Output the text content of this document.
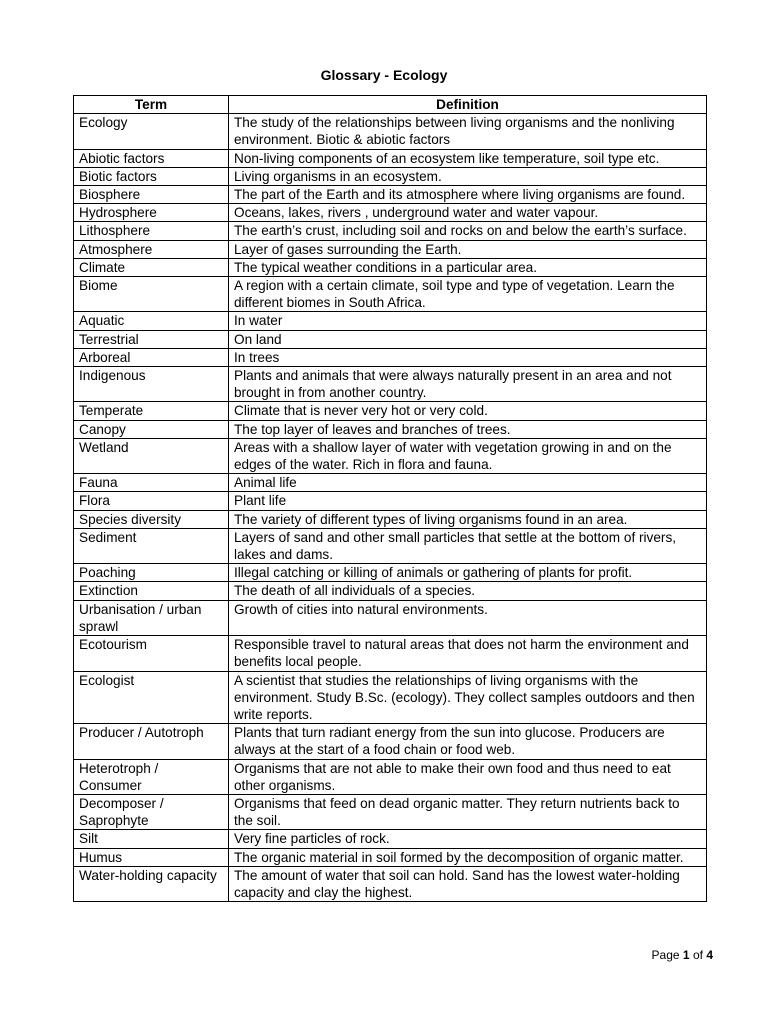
Glossary - Ecology
Term	Definition
Ecology	The study of the relationships between living organisms and the nonliving environment. Biotic & abiotic factors
Abiotic factors	Non-living components of an ecosystem like temperature, soil type etc.
Biotic factors	Living organisms in an ecosystem.
Biosphere	The part of the Earth and its atmosphere where living organisms are found.
Hydrosphere	Oceans, lakes, rivers , underground water and water vapour.
Lithosphere	The earth’s crust, including soil and rocks on and below the earth’s surface.
Atmosphere	Layer of gases surrounding the Earth.
Climate	The typical weather conditions in a particular area.
Biome	A region with a certain climate, soil type and type of vegetation. Learn the different biomes in South Africa.
Aquatic	In water
Terrestrial	On land
Arboreal	In trees
Indigenous	Plants and animals that were always naturally present in an area and not brought in from another country.
Temperate	Climate that is never very hot or very cold.
Canopy	The top layer of leaves and branches of trees.
Wetland	Areas with a shallow layer of water with vegetation growing in and on the edges of the water. Rich in flora and fauna.
Fauna	Animal life
Flora	Plant life
Species diversity	The variety of different types of living organisms found in an area.
Sediment	Layers of sand and other small particles that settle at the bottom of rivers, lakes and dams.
Poaching	Illegal catching or killing of animals or gathering of plants for profit.
Extinction	The death of all individuals of a species.
Urbanisation / urban sprawl	Growth of cities into natural environments.
Ecotourism	Responsible travel to natural areas that does not harm the environment and benefits local people.
Ecologist	A scientist that studies the relationships of living organisms with the environment. Study B.Sc. (ecology). They collect samples outdoors and then write reports.
Producer / Autotroph	Plants that turn radiant energy from the sun into glucose. Producers are always at the start of a food chain or food web.
Heterotroph / Consumer	Organisms that are not able to make their own food and thus need to eat other organisms.
Decomposer / Saprophyte	Organisms that feed on dead organic matter. They return nutrients back to the soil.
Silt	Very fine particles of rock.
Humus	The organic material in soil formed by the decomposition of organic matter.
Water-holding capacity	The amount of water that soil can hold. Sand has the lowest water-holding capacity and clay the highest.
Page 1 of 4
